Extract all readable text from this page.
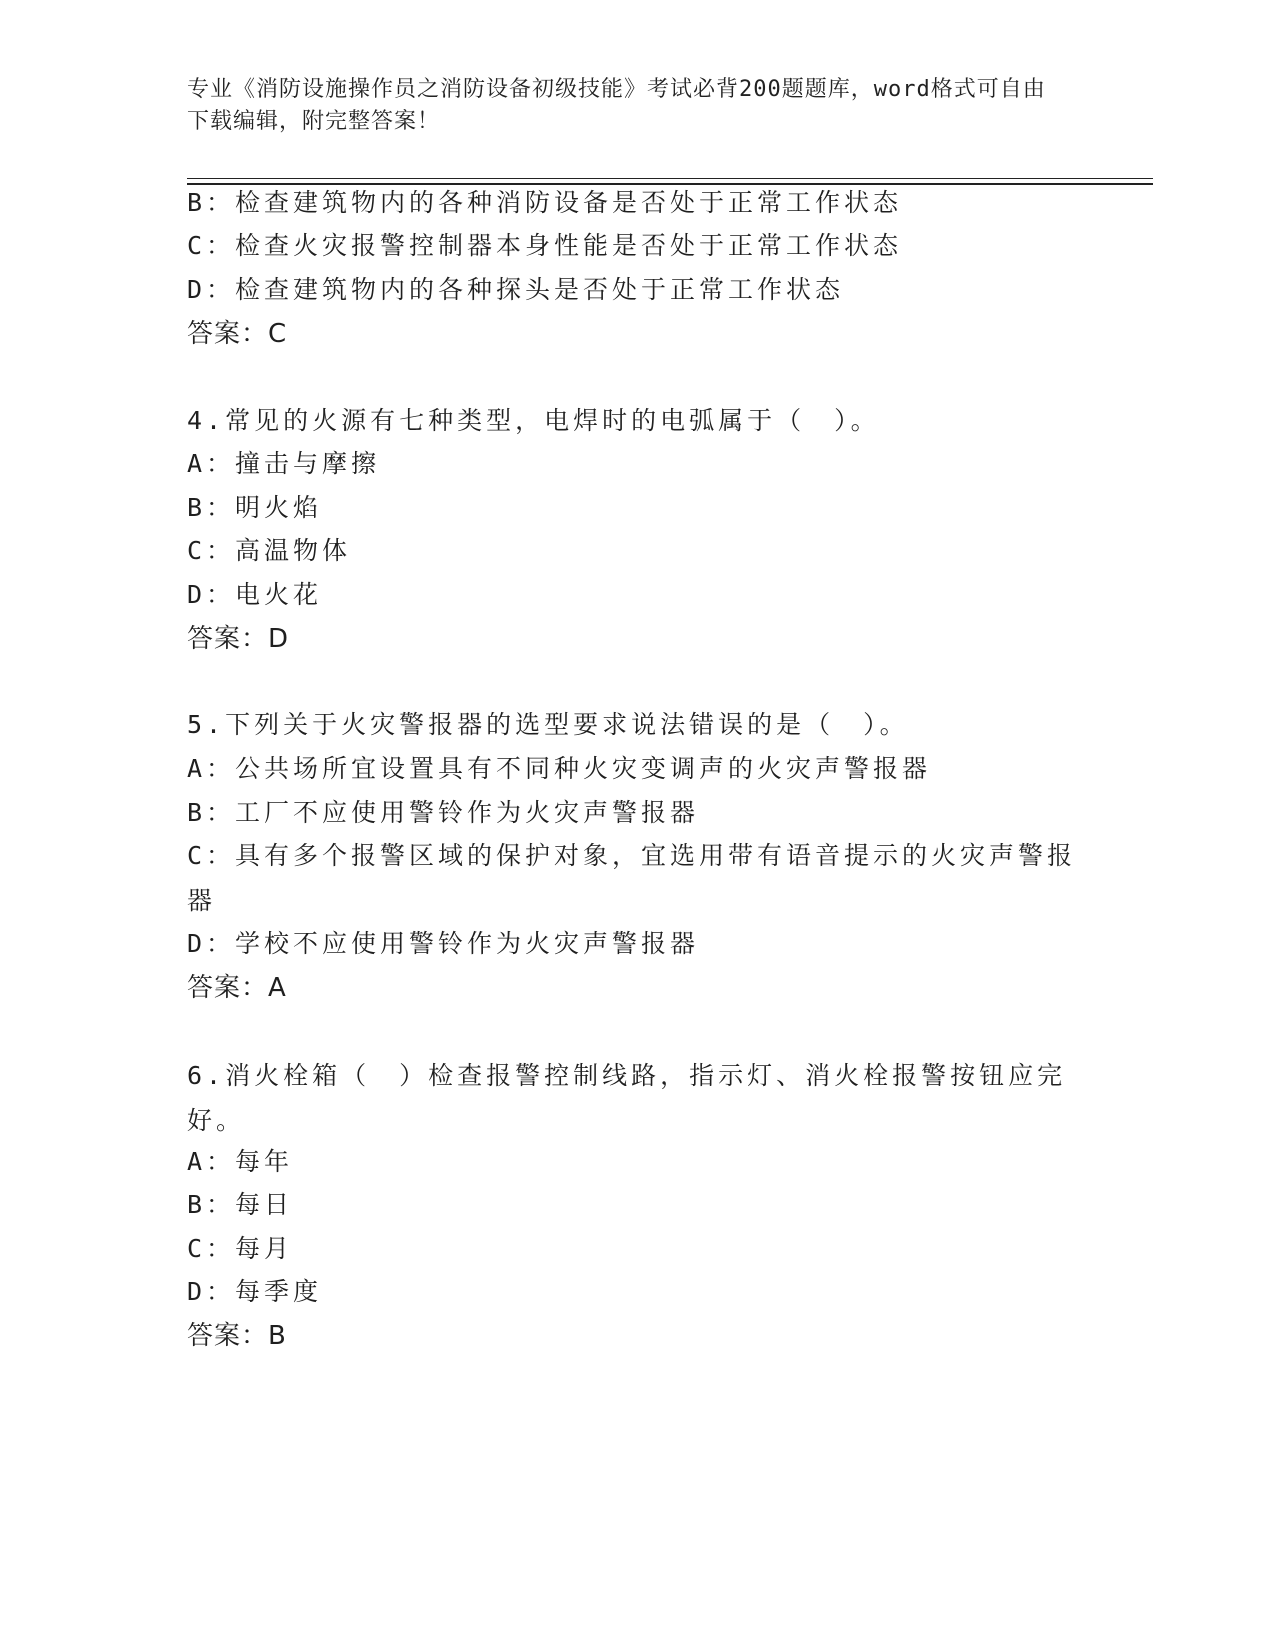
专业《消防设施操作员之消防设备初级技能》考试必背200题题库，word格式可自由下载编辑，附完整答案！
B：检查建筑物内的各种消防设备是否处于正常工作状态
C：检查火灾报警控制器本身性能是否处于正常工作状态
D：检查建筑物内的各种探头是否处于正常工作状态
答案：C
4.常见的火源有七种类型，电焊时的电弧属于（　）。
A：撞击与摩擦
B：明火焰
C：高温物体
D：电火花
答案：D
5.下列关于火灾警报器的选型要求说法错误的是（　）。
A：公共场所宜设置具有不同种火灾变调声的火灾声警报器
B：工厂不应使用警铃作为火灾声警报器
C：具有多个报警区域的保护对象，宜选用带有语音提示的火灾声警报器
D：学校不应使用警铃作为火灾声警报器
答案：A
6.消火栓箱（　）检查报警控制线路，指示灯、消火栓报警按钮应完好。
A：每年
B：每日
C：每月
D：每季度
答案：B
